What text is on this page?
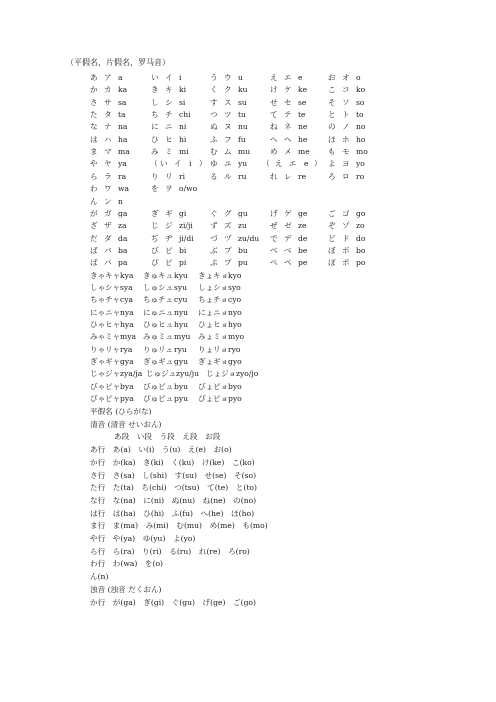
（平假名，片假名，罗马音）
あ ア a	い イ i	う ウ u	え エ e	お オ o
か カ ka	き キ ki	く ク ku	け ケ ke	こ コ ko
さ サ sa	し シ si	す ス su	せ セ se	そ ソ so
た タ ta	ち チ chi	つ ツ tu	て テ te	と ト to
な ナ na	に ニ ni	ぬ ヌ nu	ね ネ ne	の ノ no
は ハ ha	ひ ヒ hi	ふ フ fu	へ ヘ he	ほ ホ ho
ま マ ma	み ミ mi	む ム mu	め メ me も モ mo
や ヤ ya	（ い イ i ） ゆ ユ yu （ え エ e ） よ ヨ yo
ら ラ ra	り リ ri	る ル ru	れ レ re	ろ ロ ro
わ ワ wa	を ヲ o/wo
ん ン n
が ガ ga	ぎ ギ gi	ぐ グ gu	げ ゲ ge	ご ゴ go
ざ ザ za	じ ジ zi/ji ず ズ zu	ぜ ゼ ze	ぞ ゾ zo
だ ダ da	ぢ ヂ ji/di づ ヅ zu/du で デ de	ど ド do
ば バ ba	び ビ bi	ぶ ブ bu	べ ベ be	ぼ ボ bo
ぱ パ pa	ぴ ピ pi	ぷ プ pu	ぺ ペ pe	ぽ ポ po
きゃ キャ kya きゅ キュ kyu きょ キョ kyo
しゃ シャ sya しゅ シュ syu しょ ショ syo
ちゃ チャ cya ちゅ チュ cyu ちょ チョ cyo
にゃ ニャ nya にゅ ニュ nyu にょ ニョ nyo
ひゃ ヒャ hya ひゅ ヒュ hyu ひょ ヒョ hyo
みゃ ミャ mya みゅ ミュ myu みょ ミョ myo
りゃ リャ rya りゅ リュ ryu りょ リョ ryo
ぎゃ ギャ gya ぎゅ ギュ gyu ぎょ ギョ gyo
じゃ ジャ zya/ja じゅ ジュ zyu/ju じょ ジョ zyo/jo
びゃ ビャ bya びゅ ビュ byu びょ ビョ byo
ぴゃ ピャ pya ぴゅ ピュ pyu ぴょ ピョ pyo
平假名 (ひらがな)
清音 (清音 せいおん)
あ段　い段　う段　え段　お段
あ行　あ(a)　い(i)　う(u)　え(e)　お(o)
か行　か(ka)　き(ki)　く(ku)　け(ke)　こ(ko)
さ行　さ(sa)　し(shi)　す(su)　せ(se)　そ(so)
た行　た(ta)　ち(chi)　つ(tsu)　て(te)　と(to)
な行　な(na)　に(ni)　ぬ(nu)　ね(ne)　の(no)
は行　は(ha)　ひ(hi)　ふ(fu)　へ(he)　ほ(ho)
ま行　ま(ma)　み(mi)　む(mu)　め(me)　も(mo)
や行　や(ya)　ゆ(yu)　よ(yo)
ら行　ら(ra)　り(ri)　る(ru)　れ(re)　ろ(ro)
わ行　わ(wa)　を(o)
ん(n)
浊音 (浊音 だくおん)
か行　が(ga)　ぎ(gi)　ぐ(gu)　げ(ge)　ご(go)
